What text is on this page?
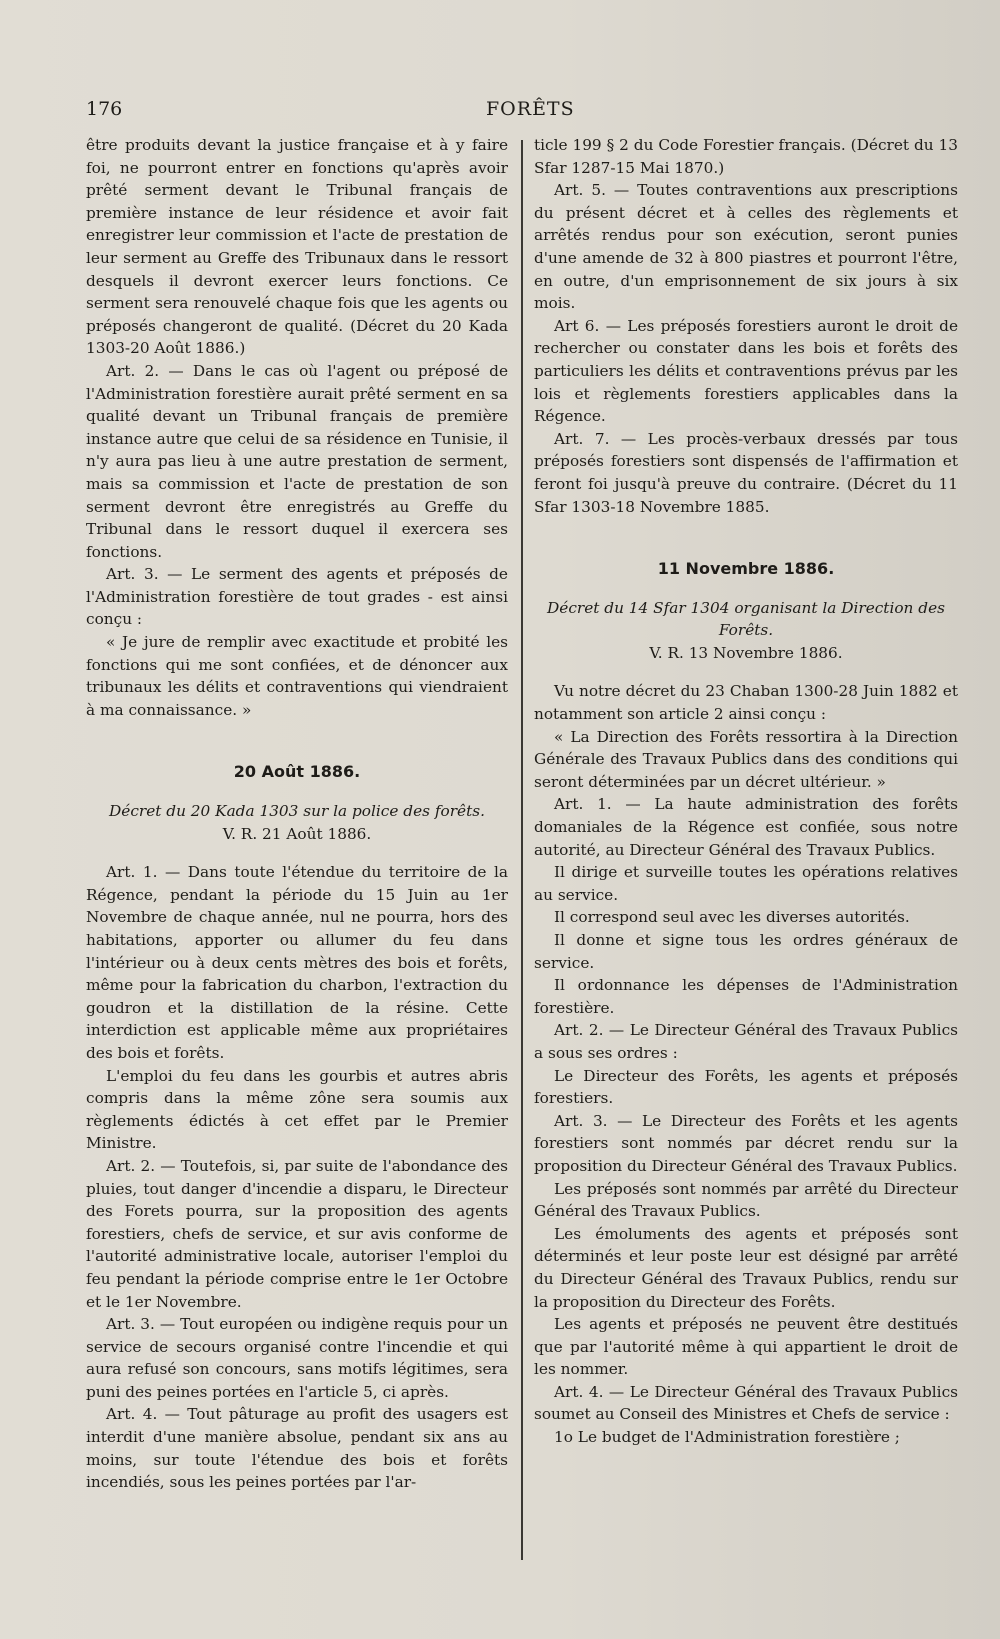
176	FORÊTS

être produits devant la justice française et à y faire foi, ne pourront entrer en fonctions qu'après avoir prêté serment devant le Tribunal français de première instance de leur résidence et avoir fait enregistrer leur commission et l'acte de prestation de leur serment au Greffe des Tribunaux dans le ressort desquels il devront exercer leurs fonctions. Ce serment sera renouvelé chaque fois que les agents ou préposés changeront de qualité. (Décret du 20 Kada 1303-20 Août 1886.)

Art. 2. — Dans le cas où l'agent ou préposé de l'Administration forestière aurait prêté serment en sa qualité devant un Tribunal français de première instance autre que celui de sa résidence en Tunisie, il n'y aura pas lieu à une autre prestation de serment, mais sa commission et l'acte de prestation de son serment devront être enregistrés au Greffe du Tribunal dans le ressort duquel il exercera ses fonctions.

Art. 3. — Le serment des agents et préposés de l'Administration forestière de tout grades - est ainsi conçu :

« Je jure de remplir avec exactitude et probité les fonctions qui me sont confiées, et de dénoncer aux tribunaux les délits et contraventions qui viendraient à ma connaissance. »

20 Août 1886.

Décret du 20 Kada 1303 sur la police des forêts.

V. R. 21 Août 1886.

Art. 1. — Dans toute l'étendue du territoire de la Régence, pendant la période du 15 Juin au 1er Novembre de chaque année, nul ne pourra, hors des habitations, apporter ou allumer du feu dans l'intérieur ou à deux cents mètres des bois et forêts, même pour la fabrication du charbon, l'extraction du goudron et la distillation de la résine. Cette interdiction est applicable même aux propriétaires des bois et forêts.

L'emploi du feu dans les gourbis et autres abris compris dans la même zône sera soumis aux règlements édictés à cet effet par le Premier Ministre.

Art. 2. — Toutefois, si, par suite de l'abondance des pluies, tout danger d'incendie a disparu, le Directeur des Forets pourra, sur la proposition des agents forestiers, chefs de service, et sur avis conforme de l'autorité administrative locale, autoriser l'emploi du feu pendant la période comprise entre le 1er Octobre et le 1er Novembre.

Art. 3. — Tout européen ou indigène requis pour un service de secours organisé contre l'incendie et qui aura refusé son concours, sans motifs légitimes, sera puni des peines portées en l'article 5, ci après.

Art. 4. — Tout pâturage au profit des usagers est interdit d'une manière absolue, pendant six ans au moins, sur toute l'étendue des bois et forêts incendiés, sous les peines portées par l'ar-

ticle 199 § 2 du Code Forestier français. (Décret du 13 Sfar 1287-15 Mai 1870.)

Art. 5. — Toutes contraventions aux prescriptions du présent décret et à celles des règlements et arrêtés rendus pour son exécution, seront punies d'une amende de 32 à 800 piastres et pourront l'être, en outre, d'un emprisonnement de six jours à six mois.

Art 6. — Les préposés forestiers auront le droit de rechercher ou constater dans les bois et forêts des particuliers les délits et contraventions prévus par les lois et règlements forestiers applicables dans la Régence.

Art. 7. — Les procès-verbaux dressés par tous préposés forestiers sont dispensés de l'affirmation et feront foi jusqu'à preuve du contraire. (Décret du 11 Sfar 1303-18 Novembre 1885.

11 Novembre 1886.

Décret du 14 Sfar 1304 organisant la Direction des Forêts.

V. R. 13 Novembre 1886.

Vu notre décret du 23 Chaban 1300-28 Juin 1882 et notamment son article 2 ainsi conçu :

« La Direction des Forêts ressortira à la Direction Générale des Travaux Publics dans des conditions qui seront déterminées par un décret ultérieur. »

Art. 1. — La haute administration des forêts domaniales de la Régence est confiée, sous notre autorité, au Directeur Général des Travaux Publics.

Il dirige et surveille toutes les opérations relatives au service.

Il correspond seul avec les diverses autorités.

Il donne et signe tous les ordres généraux de service.

Il ordonnance les dépenses de l'Administration forestière.

Art. 2. — Le Directeur Général des Travaux Publics a sous ses ordres :

Le Directeur des Forêts, les agents et préposés forestiers.

Art. 3. — Le Directeur des Forêts et les agents forestiers sont nommés par décret rendu sur la proposition du Directeur Général des Travaux Publics.

Les préposés sont nommés par arrêté du Directeur Général des Travaux Publics.

Les émoluments des agents et préposés sont déterminés et leur poste leur est désigné par arrêté du Directeur Général des Travaux Publics, rendu sur la proposition du Directeur des Forêts.

Les agents et préposés ne peuvent être destitués que par l'autorité même à qui appartient le droit de les nommer.

Art. 4. — Le Directeur Général des Travaux Publics soumet au Conseil des Ministres et Chefs de service :

1o Le budget de l'Administration forestière ;
